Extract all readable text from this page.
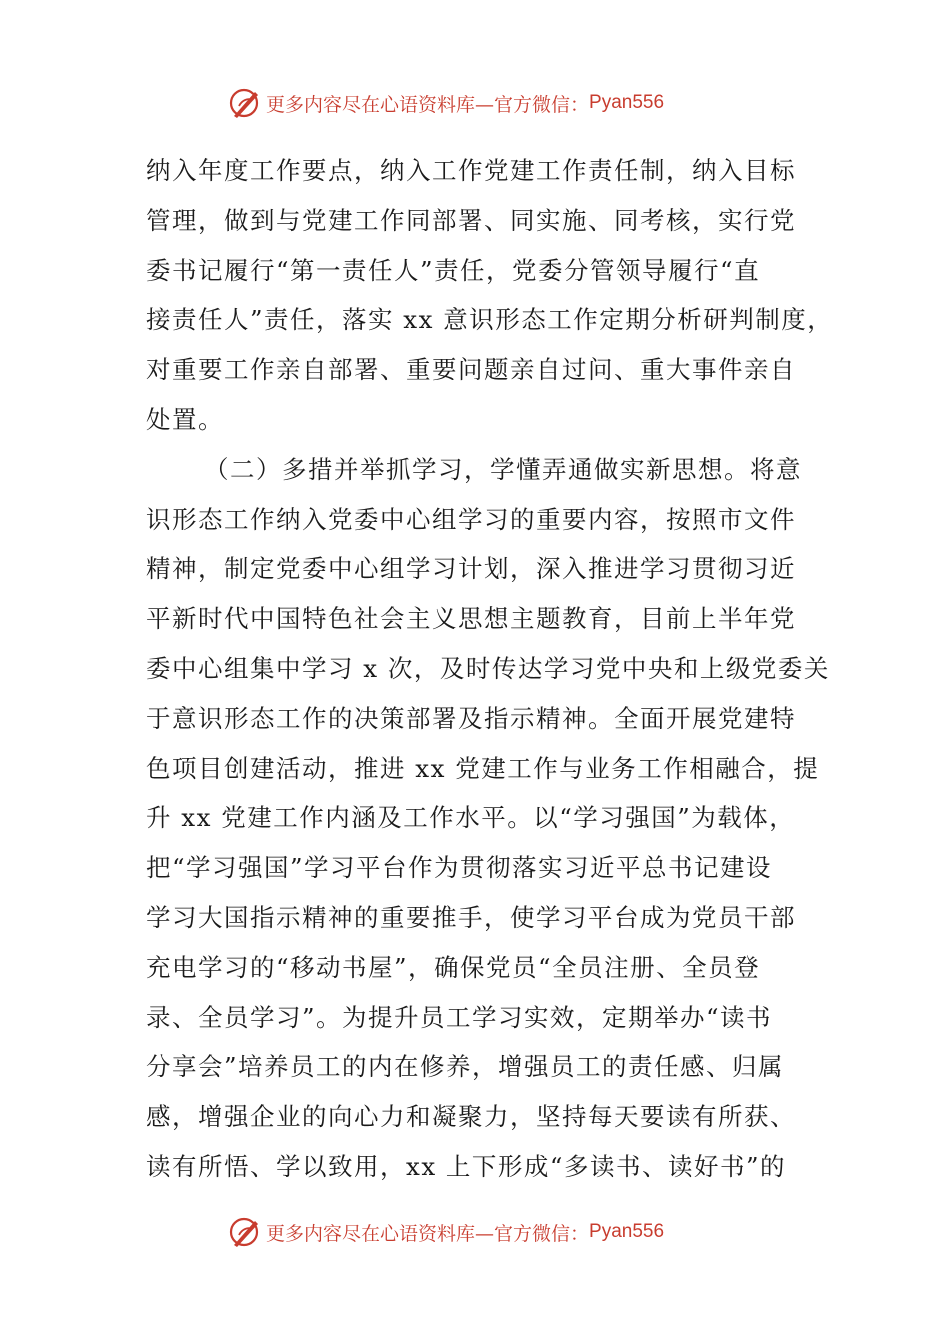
更多内容尽在心语资料库—官方微信： Pyan556
纳入年度工作要点，纳入工作党建工作责任制，纳入目标
管理，做到与党建工作同部署、同实施、同考核，实行党
委书记履行“第一责任人”责任，党委分管领导履行“直
接责任人”责任，落实 xx 意识形态工作定期分析研判制度，
对重要工作亲自部署、重要问题亲自过问、重大事件亲自
处置。
（二）多措并举抓学习，学懂弄通做实新思想。将意
识形态工作纳入党委中心组学习的重要内容，按照市文件
精神，制定党委中心组学习计划，深入推进学习贯彻习近
平新时代中国特色社会主义思想主题教育，目前上半年党
委中心组集中学习 x 次，及时传达学习党中央和上级党委关
于意识形态工作的决策部署及指示精神。全面开展党建特
色项目创建活动，推进 xx 党建工作与业务工作相融合，提
升 xx 党建工作内涵及工作水平。以“学习强国”为载体，
把“学习强国”学习平台作为贯彻落实习近平总书记建设
学习大国指示精神的重要推手，使学习平台成为党员干部
充电学习的“移动书屋”，确保党员“全员注册、全员登
录、全员学习”。为提升员工学习实效，定期举办“读书
分享会”培养员工的内在修养，增强员工的责任感、归属
感，增强企业的向心力和凝聚力，坚持每天要读有所获、
读有所悟、学以致用，xx 上下形成“多读书、读好书”的
更多内容尽在心语资料库—官方微信： Pyan556
